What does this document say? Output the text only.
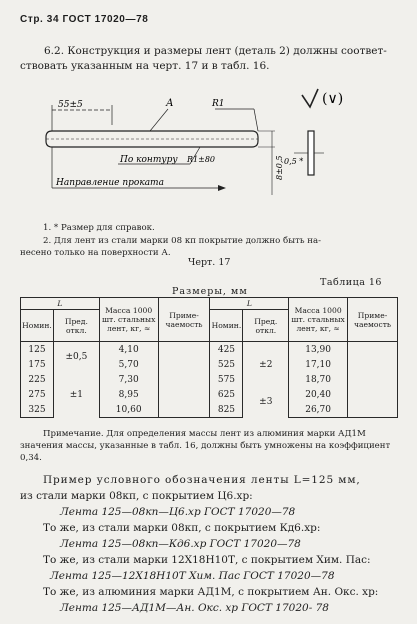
Стр. 34 ГОСТ 17020—78
6.2. Конструкция и размеры лент (деталь 2) должны соответ-
ствовать указанным на черт. 17 и в табл. 16.
55±5	А	R1
По контуру R1±80
Направление проката
8±0,5 0,5 *
(∨)
1. * Размер для справок.
2. Для лент из стали марки 08 кп покрытие должно быть на-
несено только на поверхности А.
Черт. 17
Таблица 16
Размеры, мм
L		Масса 1000 шт. стальных лент, кг, ≈	Приме- чаемость	L		Масса 1000 шт. стальных лент, кг, ≈	Приме- чаемость
Номин.	Пред. откл.			Номин.	Пред. откл.		
125	±0,5	4,10		425	±2	13,90	
175		5,70		525		17,10	
225	±1	7,30		575		18,70	
275		8,95		625	±3	20,40	
325		10,60		825		26,70	
Примечание. Для определения массы лент из алюминия марки АД1М
значения массы, указанные в табл. 16, должны быть умножены на коэффициент
0,34.
Пример условного обозначения ленты L=125 мм,
из стали марки 08кп, с покрытием Ц6.хр:
Лента 125—08кп—Ц6.хр ГОСТ 17020—78
То же, из стали марки 08кп, с покрытием Кд6.хр:
Лента 125—08кп—Кд6.хр ГОСТ 17020—78
То же, из стали марки 12Х18Н10Т, с покрытием Хим. Пас:
Лента 125—12Х18Н10Т Хим. Пас ГОСТ 17020—78
То же, из алюминия марки АД1М, с покрытием Ан. Окс. хр:
Лента 125—АД1М—Ан. Окс. хр ГОСТ 17020- 78
